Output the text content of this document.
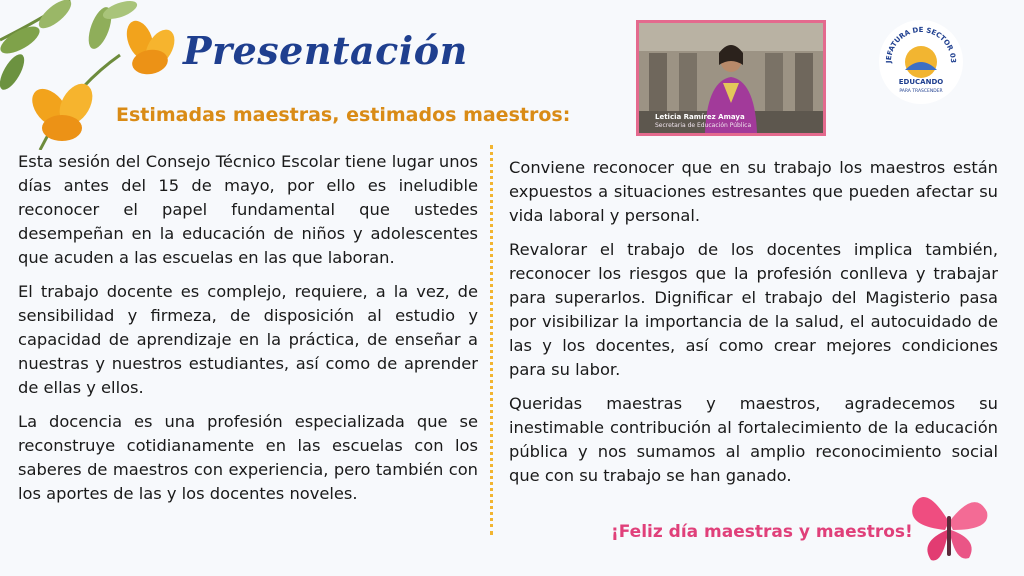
Presentación
Estimadas maestras, estimados maestros:

Esta sesión del Consejo Técnico Escolar tiene lugar unos días antes del 15 de mayo, por ello es ineludible reconocer el papel fundamental que ustedes desempeñan en la educación de niños y adolescentes que acuden a las escuelas en las que laboran.

El trabajo docente es complejo, requiere, a la vez, de sensibilidad y firmeza, de disposición al estudio y capacidad de aprendizaje en la práctica, de enseñar a nuestras y nuestros estudiantes, así como de aprender de ellas y ellos.

La docencia es una profesión especializada que se reconstruye cotidianamente en las escuelas con los saberes de maestros con experiencia, pero también con los aportes de las y los docentes noveles.

Conviene reconocer que en su trabajo los maestros están expuestos a situaciones estresantes que pueden afectar su vida laboral y personal.

Revalorar el trabajo de los docentes implica también, reconocer los riesgos que la profesión conlleva y trabajar para superarlos. Dignificar el trabajo del Magisterio pasa por visibilizar la importancia de la salud, el autocuidado de las y los docentes, así como crear mejores condiciones para su labor.

Queridas maestras y maestros, agradecemos su inestimable contribución al fortalecimiento de la educación pública y nos sumamos al amplio reconocimiento social que con su trabajo se han ganado.

Leticia Ramírez Amaya
Secretaria de Educación Pública
JEFATURA DE SECTOR 03
EDUCANDO
PARA TRASCENDER
¡Feliz día maestras y maestros!
